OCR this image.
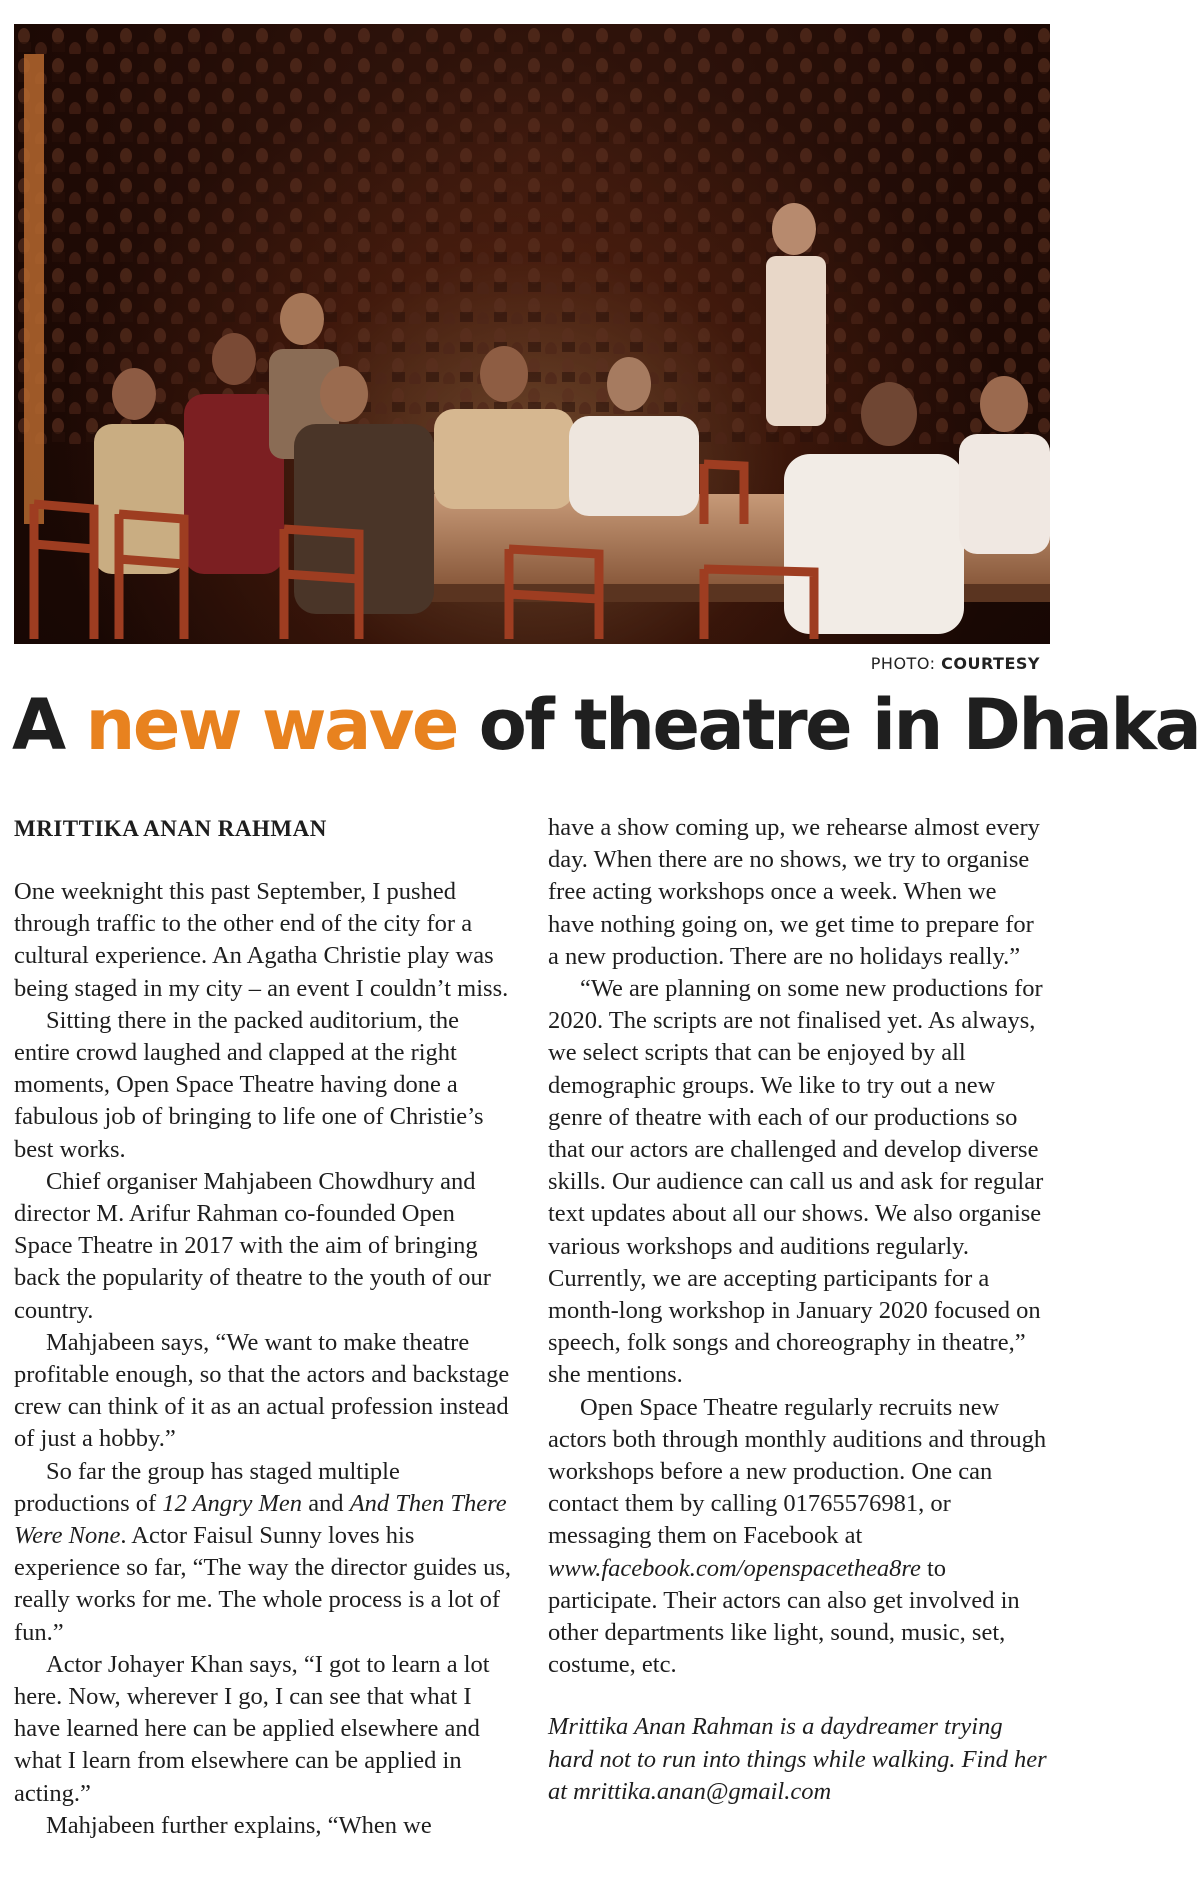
PHOTO: COURTESY
A new wave of theatre in Dhaka
MRITTIKA ANAN RAHMAN

One weeknight this past September, I pushed through traffic to the other end of the city for a cultural experience. An Agatha Christie play was being staged in my city – an event I couldn’t miss.

Sitting there in the packed auditorium, the entire crowd laughed and clapped at the right moments, Open Space Theatre having done a fabulous job of bringing to life one of Christie’s best works.

Chief organiser Mahjabeen Chowdhury and director M. Arifur Rahman co-founded Open Space Theatre in 2017 with the aim of bringing back the popularity of theatre to the youth of our country.

Mahjabeen says, “We want to make theatre profitable enough, so that the actors and backstage crew can think of it as an actual profession instead of just a hobby.”

So far the group has staged multiple productions of 12 Angry Men and And Then There Were None. Actor Faisul Sunny loves his experience so far, “The way the director guides us, really works for me. The whole process is a lot of fun.”

Actor Johayer Khan says, “I got to learn a lot here. Now, wherever I go, I can see that what I have learned here can be applied elsewhere and what I learn from elsewhere can be applied in acting.”

Mahjabeen further explains, “When we

have a show coming up, we rehearse almost every day. When there are no shows, we try to organise free acting workshops once a week. When we have nothing going on, we get time to prepare for a new production. There are no holidays really.”

“We are planning on some new productions for 2020. The scripts are not finalised yet. As always, we select scripts that can be enjoyed by all demographic groups. We like to try out a new genre of theatre with each of our productions so that our actors are challenged and develop diverse skills. Our audience can call us and ask for regular text updates about all our shows. We also organise various workshops and auditions regularly. Currently, we are accepting participants for a month-long workshop in January 2020 focused on speech, folk songs and choreography in theatre,” she mentions.

Open Space Theatre regularly recruits new actors both through monthly auditions and through workshops before a new production. One can contact them by calling 01765576981, or messaging them on Facebook at www.facebook.com/openspacethea8re to participate. Their actors can also get involved in other departments like light, sound, music, set, costume, etc.

Mrittika Anan Rahman is a daydreamer trying hard not to run into things while walking. Find her at mrittika.anan@gmail.com
